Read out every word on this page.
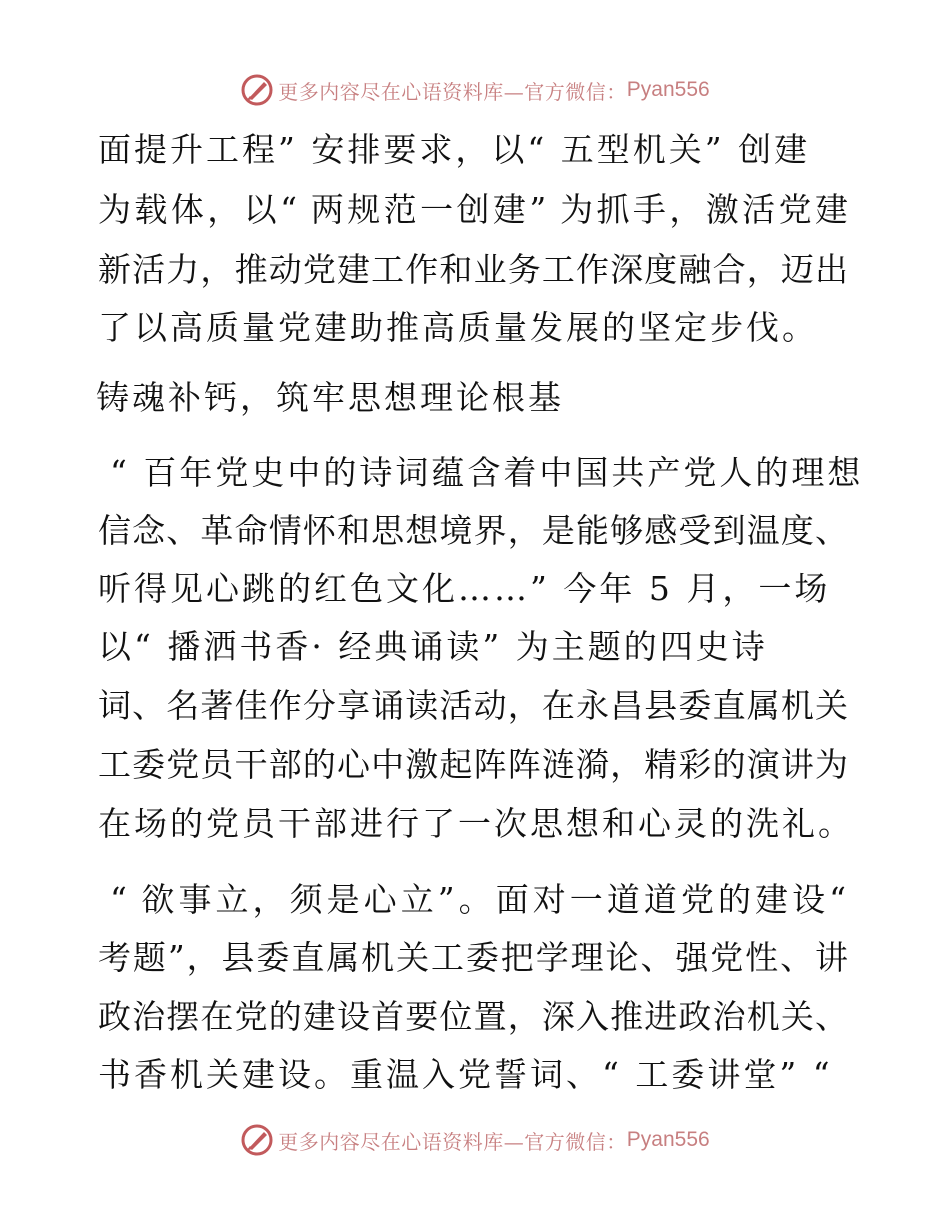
更多内容尽在心语资料库—官方微信： Pyan556
面提升工程” 安排要求，以“ 五型机关” 创建
为载体，以“ 两规范一创建” 为抓手，激活党建
新活力，推动党建工作和业务工作深度融合，迈出
了以高质量党建助推高质量发展的坚定步伐。
铸魂补钙，筑牢思想理论根基
“ 百年党史中的诗词蕴含着中国共产党人的理想
信念、革命情怀和思想境界，是能够感受到温度、
听得见心跳的红色文化……” 今年 5 月，一场
以“ 播洒书香· 经典诵读” 为主题的四史诗
词、名著佳作分享诵读活动，在永昌县委直属机关
工委党员干部的心中激起阵阵涟漪，精彩的演讲为
在场的党员干部进行了一次思想和心灵的洗礼。
“ 欲事立，须是心立”。面对一道道党的建设“
考题”，县委直属机关工委把学理论、强党性、讲
政治摆在党的建设首要位置，深入推进政治机关、
书香机关建设。重温入党誓词、“ 工委讲堂” “
更多内容尽在心语资料库—官方微信： Pyan556
